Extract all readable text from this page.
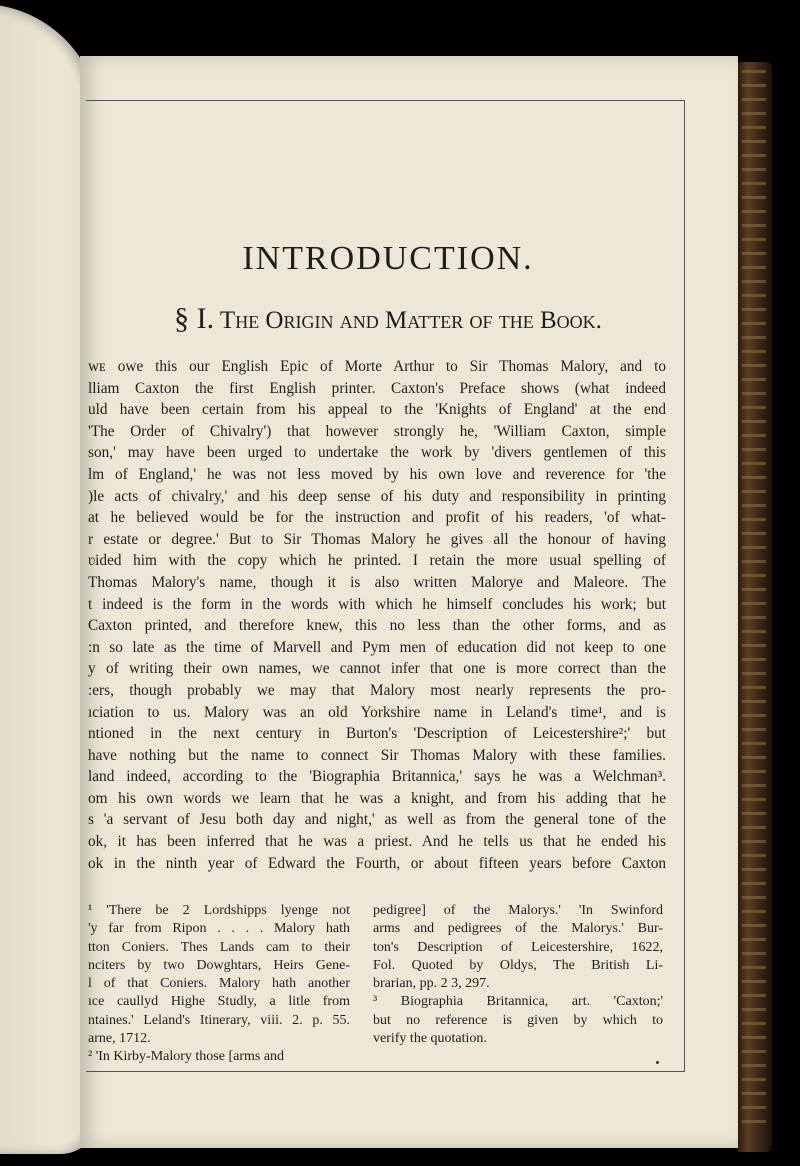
INTRODUCTION.
§ I. The Origin and Matter of the Book.
ᴡᴇ owe this our English Epic of Morte Arthur to Sir Thomas Malory, and to
lliam Caxton the first English printer. Caxton's Preface shows (what indeed
uld have been certain from his appeal to the 'Knights of England' at the end
'The Order of Chivalry') that however strongly he, 'William Caxton, simple
son,' may have been urged to undertake the work by 'divers gentlemen of this
lm of England,' he was not less moved by his own love and reverence for 'the
)le acts of chivalry,' and his deep sense of his duty and responsibility in printing
at he believed would be for the instruction and profit of his readers, 'of what-
r estate or degree.' But to Sir Thomas Malory he gives all the honour of having
ʋided him with the copy which he printed. I retain the more usual spelling of
Thomas Malory's name, though it is also written Malorye and Maleore. The
t indeed is the form in the words with which he himself concludes his work; but
Caxton printed, and therefore knew, this no less than the other forms, and as
:n so late as the time of Marvell and Pym men of education did not keep to one
y of writing their own names, we cannot infer that one is more correct than the
:ers, though probably we may that Malory most nearly represents the pro-
ıciation to us. Malory was an old Yorkshire name in Leland's time¹, and is
ntioned in the next century in Burton's 'Description of Leicestershire²;' but
have nothing but the name to connect Sir Thomas Malory with these families.
land indeed, according to the 'Biographia Britannica,' says he was a Welchman³.
om his own words we learn that he was a knight, and from his adding that he
s 'a servant of Jesu both day and night,' as well as from the general tone of the
ok, it has been inferred that he was a priest. And he tells us that he ended his
ok in the ninth year of Edward the Fourth, or about fifteen years before Caxton
¹ 'There be 2 Lordshipps lyenge not
'y far from Ripon . . . . Malory hath
tton Coniers. Thes Lands cam to their
nciters by two Dowghtars, Heirs Gene-
l of that Coniers. Malory hath another
ıce caullyd Highe Studly, a litle from
ntaines.' Leland's Itinerary, viii. 2. p. 55.
arne, 1712.
² 'In Kirby-Malory those [arms and
pedigree] of the Malorys.' 'In Swinford
arms and pedigrees of the Malorys.' Bur-
ton's Description of Leicestershire, 1622,
Fol. Quoted by Oldys, The British Li-
brarian, pp. 2 3, 297.
³ Biographia Britannica, art. 'Caxton;'
but no reference is given by which to
verify the quotation.
